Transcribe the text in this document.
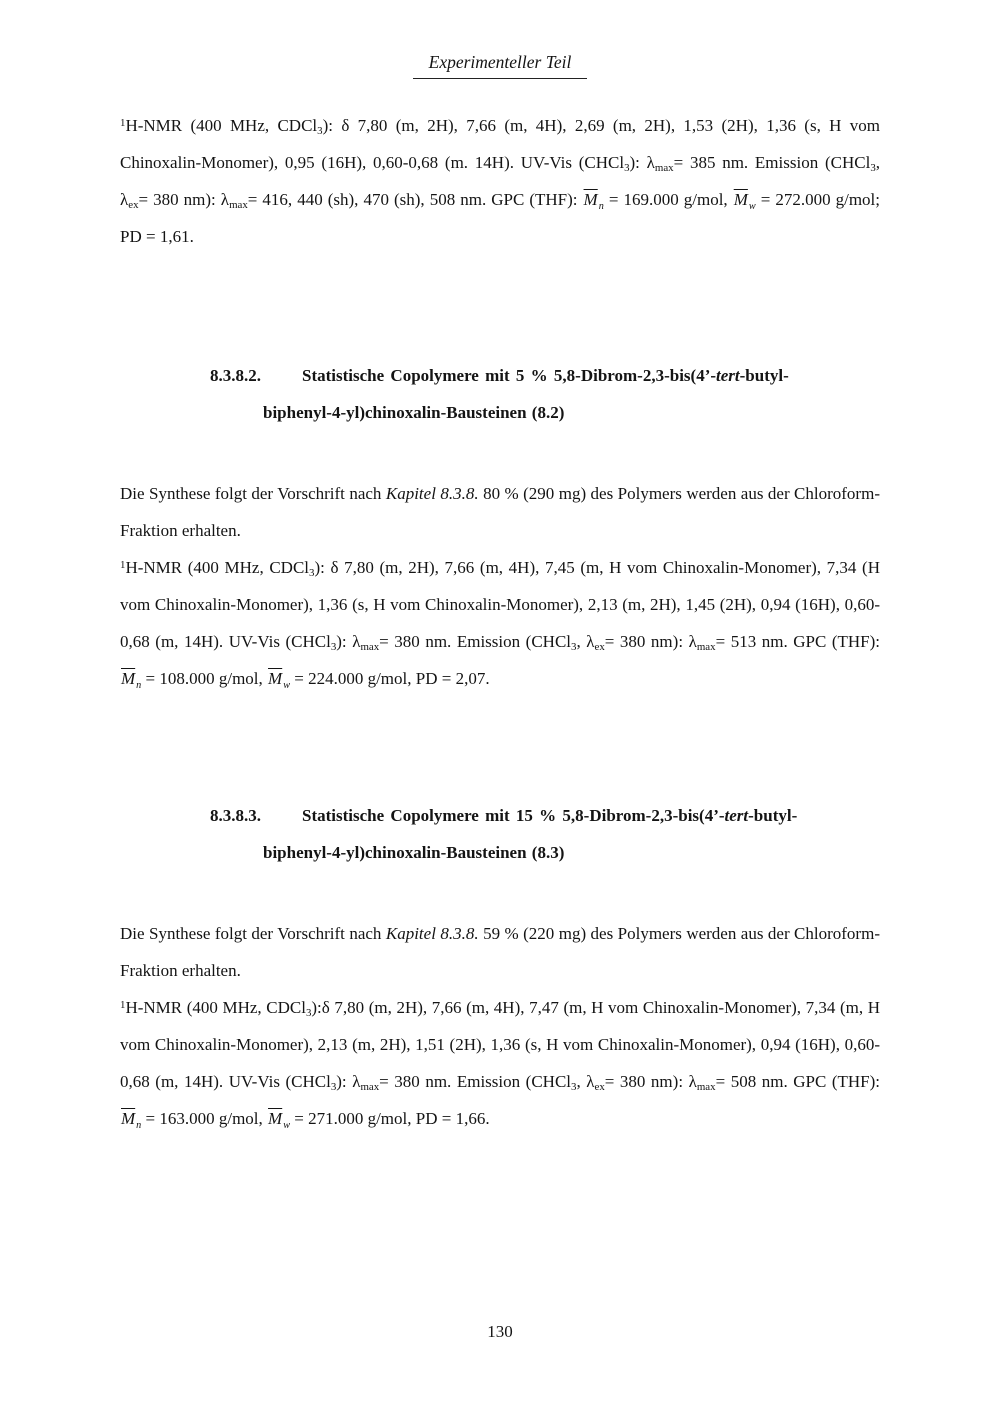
Experimenteller Teil

$^1$H-NMR (400 MHz, CDCl3): δ 7,80 (m, 2H), 7,66 (m, 4H), 2,69 (m, 2H), 1,53 (2H), 1,36 (s, H vom Chinoxalin-Monomer), 0,95 (16H), 0,60-0,68 (m. 14H). UV-Vis (CHCl3): λmax= 385 nm. Emission (CHCl3, λex= 380 nm): λmax= 416, 440 (sh), 470 (sh), 508 nm. GPC (THF): $\overline{M}_n = 169.000$ g/mol, $\overline{M}_w = 272.000$ g/mol; PD = 1,61.

8.3.8.2. Statistische Copolymere mit 5 % 5,8-Dibrom-2,3-bis(4’-tert-butyl-
biphenyl-4-yl)chinoxalin-Bausteinen (8.2)

Die Synthese folgt der Vorschrift nach Kapitel 8.3.8. 80 % (290 mg) des Polymers werden aus der Chloroform-Fraktion erhalten.

$^1$H-NMR (400 MHz, CDCl3): δ 7,80 (m, 2H), 7,66 (m, 4H), 7,45 (m, H vom Chinoxalin-Monomer), 7,34 (H vom Chinoxalin-Monomer), 1,36 (s, H vom Chinoxalin-Monomer), 2,13 (m, 2H), 1,45 (2H), 0,94 (16H), 0,60-0,68 (m, 14H). UV-Vis (CHCl3): λmax= 380 nm. Emission (CHCl3, λex= 380 nm): λmax= 513 nm. GPC (THF): $\overline{M}_n = 108.000$ g/mol, $\overline{M}_w = 224.000$ g/mol, PD = 2,07.

8.3.8.3. Statistische Copolymere mit 15 % 5,8-Dibrom-2,3-bis(4’-tert-butyl-
biphenyl-4-yl)chinoxalin-Bausteinen (8.3)

Die Synthese folgt der Vorschrift nach Kapitel 8.3.8. 59 % (220 mg) des Polymers werden aus der Chloroform-Fraktion erhalten.

$^1$H-NMR (400 MHz, CDCl3):δ 7,80 (m, 2H), 7,66 (m, 4H), 7,47 (m, H vom Chinoxalin-Monomer), 7,34 (m, H vom Chinoxalin-Monomer), 2,13 (m, 2H), 1,51 (2H), 1,36 (s, H vom Chinoxalin-Monomer), 0,94 (16H), 0,60-0,68 (m, 14H). UV-Vis (CHCl3): λmax= 380 nm. Emission (CHCl3, λex= 380 nm): λmax= 508 nm. GPC (THF): $\overline{M}_n = 163.000$ g/mol, $\overline{M}_w = 271.000$ g/mol, PD = 1,66.

130
